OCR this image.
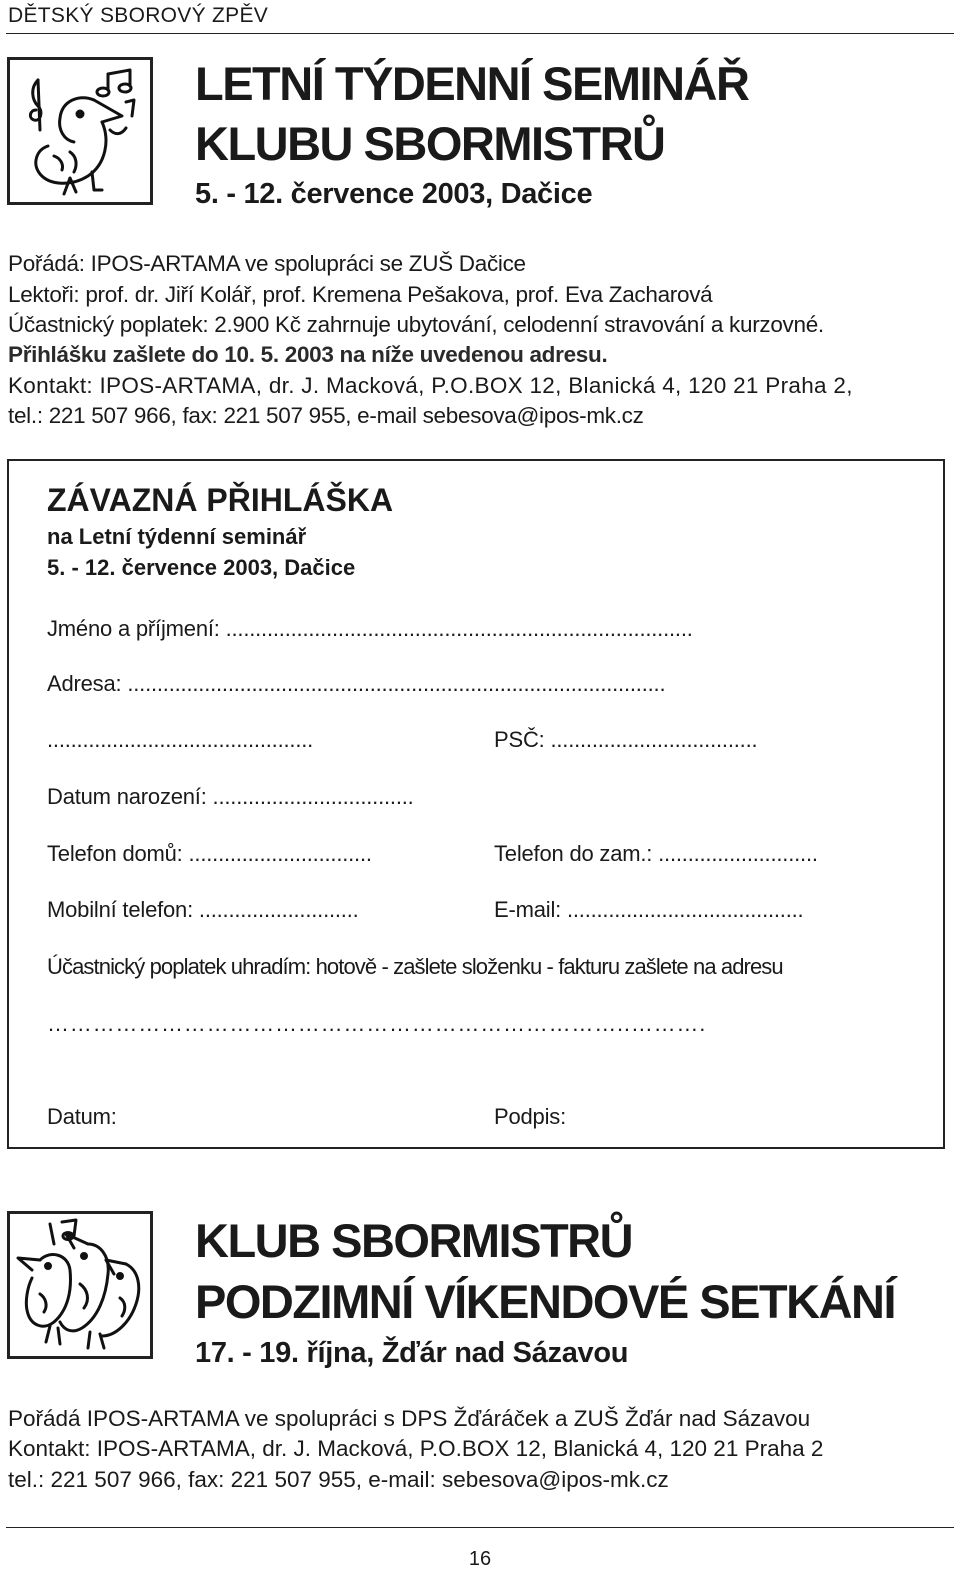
DĚTSKÝ SBOROVÝ ZPĚV
LETNÍ TÝDENNÍ SEMINÁŘ
KLUBU SBORMISTRŮ
5. - 12. července 2003, Dačice
Pořádá: IPOS-ARTAMA ve spolupráci se ZUŠ Dačice
Lektoři: prof. dr. Jiří Kolář, prof. Kremena Pešakova, prof. Eva Zacharová
Účastnický poplatek: 2.900 Kč zahrnuje ubytování, celodenní stravování a kurzovné.
Přihlášku zašlete do 10. 5. 2003 na níže uvedenou adresu.
Kontakt: IPOS-ARTAMA, dr. J. Macková, P.O.BOX 12, Blanická 4, 120 21 Praha 2,
tel.: 221 507 966, fax: 221 507 955, e-mail sebesova@ipos-mk.cz
ZÁVAZNÁ PŘIHLÁŠKA
na Letní týdenní seminář
5. - 12. července 2003, Dačice
Jméno a příjmení: ...............................................................................
Adresa: ...........................................................................................
.............................................	PSČ: ...................................
Datum narození: ..................................
Telefon domů: ...............................	Telefon do zam.: ...........................
Mobilní telefon: ...........................	E-mail: ........................................
Účastnický poplatek uhradím: hotově - zašlete složenku - fakturu zašlete na adresu
…………………………………………………………………..……….
Datum:	Podpis:
KLUB SBORMISTRŮ
PODZIMNÍ VÍKENDOVÉ SETKÁNÍ
17. - 19. října, Žďár nad Sázavou
Pořádá IPOS-ARTAMA ve spolupráci s DPS Žďáráček a ZUŠ Žďár nad Sázavou
Kontakt: IPOS-ARTAMA, dr. J. Macková, P.O.BOX 12, Blanická 4, 120 21 Praha 2
tel.: 221 507 966, fax: 221 507 955, e-mail: sebesova@ipos-mk.cz
16
